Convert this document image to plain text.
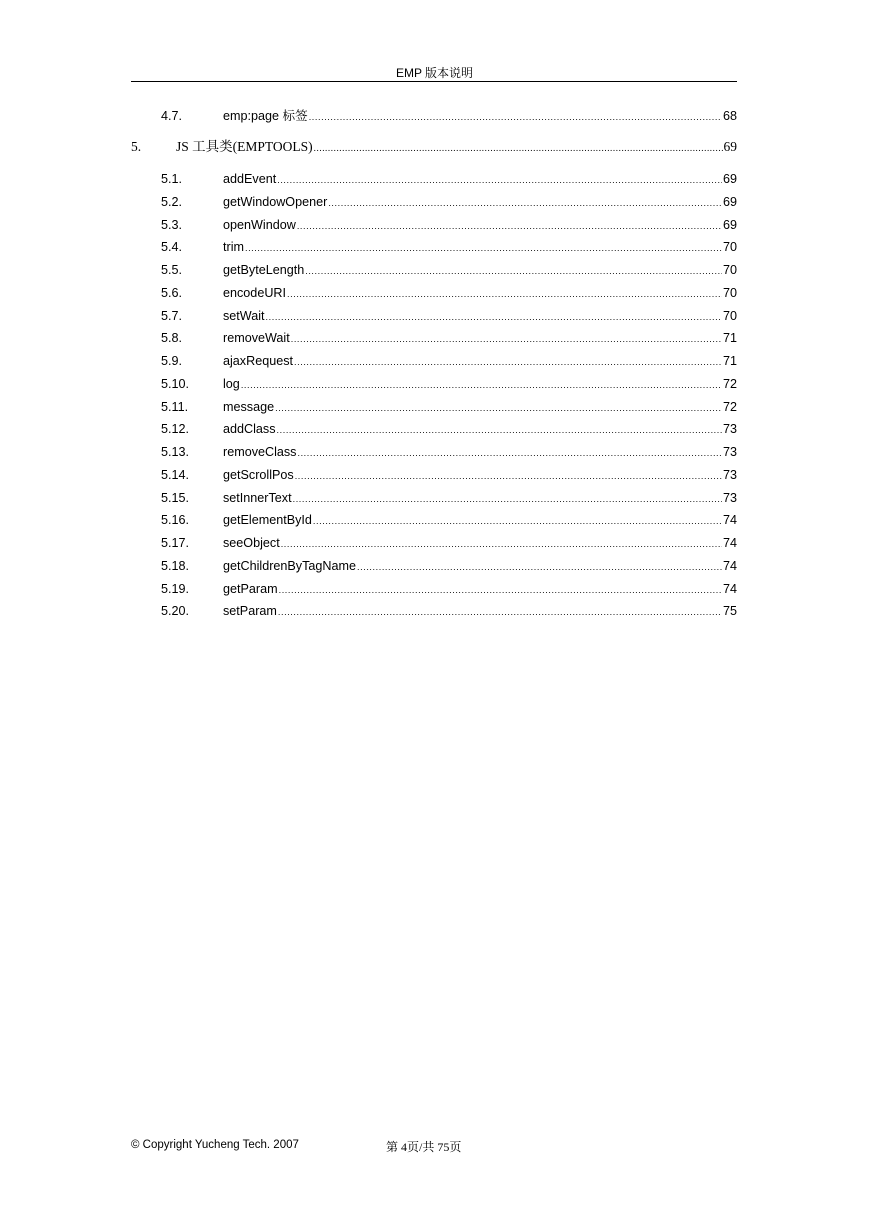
EMP 版本说明
4.7.	emp:page 标签 .....	68
5.	JS 工具类(EMPTOOLS) .....	69
5.1.	addEvent .....	69
5.2.	getWindowOpener .....	69
5.3.	openWindow .....	69
5.4.	trim .....	70
5.5.	getByteLength .....	70
5.6.	encodeURI .....	70
5.7.	setWait .....	70
5.8.	removeWait .....	71
5.9.	ajaxRequest .....	71
5.10.	log .....	72
5.11.	message .....	72
5.12.	addClass .....	73
5.13.	removeClass .....	73
5.14.	getScrollPos .....	73
5.15.	setInnerText .....	73
5.16.	getElementById .....	74
5.17.	seeObject .....	74
5.18.	getChildrenByTagName .....	74
5.19.	getParam .....	74
5.20.	setParam .....	75
© Copyright Yucheng Tech. 2007	第 4页/共 75页
